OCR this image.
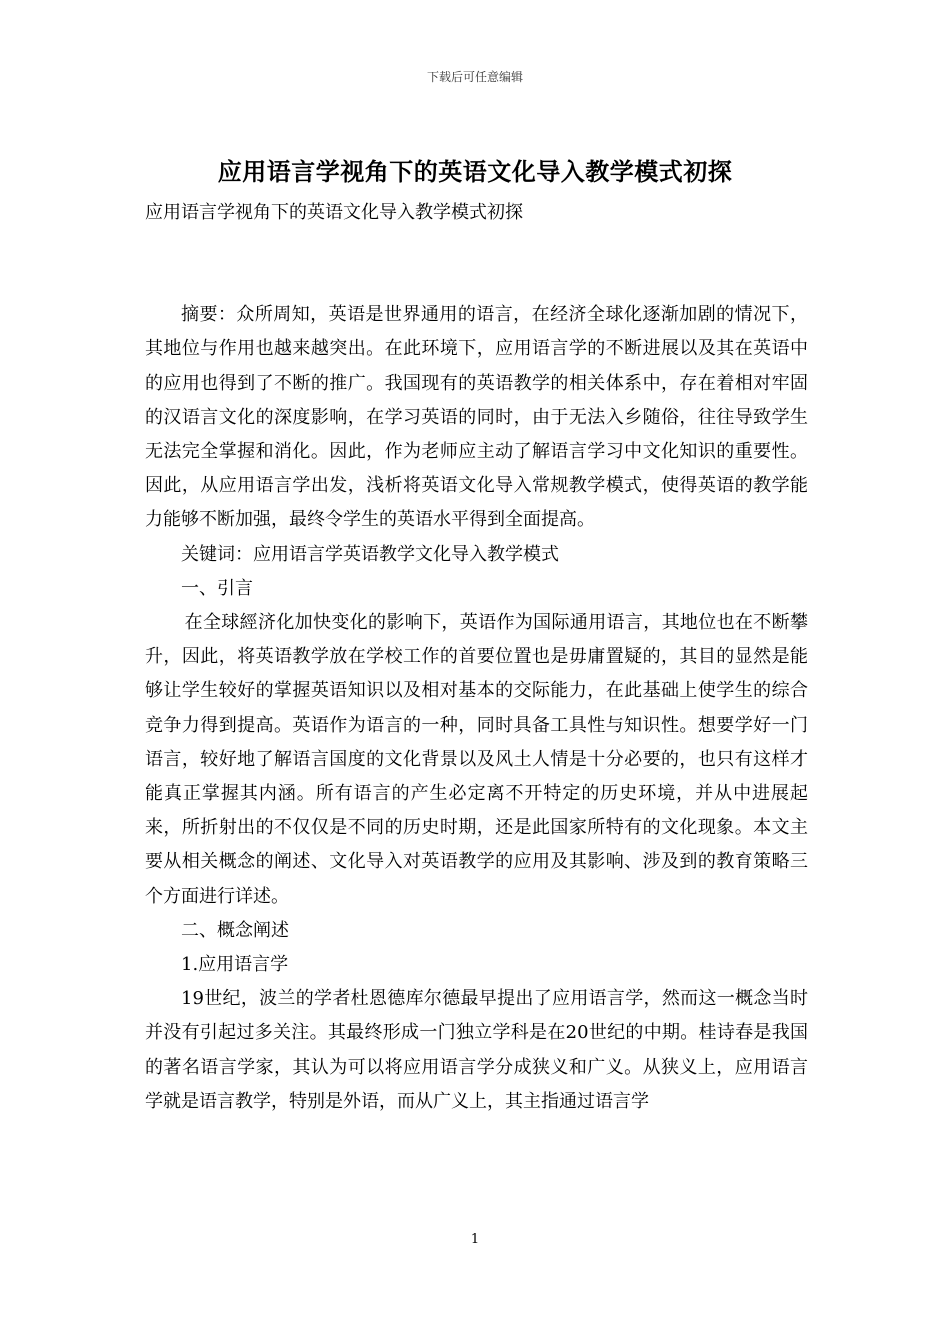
下载后可任意编辑
应用语言学视角下的英语文化导入教学模式初探

应用语言学视角下的英语文化导入教学模式初探

摘要：众所周知，英语是世界通用的语言，在经济全球化逐渐加剧的情况下，其地位与作用也越来越突出。在此环境下，应用语言学的不断进展以及其在英语中的应用也得到了不断的推广。我国现有的英语教学的相关体系中，存在着相对牢固的汉语言文化的深度影响，在学习英语的同时，由于无法入乡随俗，往往导致学生无法完全掌握和消化。因此，作为老师应主动了解语言学习中文化知识的重要性。因此，从应用语言学出发，浅析将英语文化导入常规教学模式，使得英语的教学能力能够不断加强，最终令学生的英语水平得到全面提高。

关键词：应用语言学英语教学文化导入教学模式

一、引言

在全球經济化加快变化的影响下，英语作为国际通用语言，其地位也在不断攀升，因此，将英语教学放在学校工作的首要位置也是毋庸置疑的，其目的显然是能够让学生较好的掌握英语知识以及相对基本的交际能力，在此基础上使学生的综合竞争力得到提高。英语作为语言的一种，同时具备工具性与知识性。想要学好一门语言，较好地了解语言国度的文化背景以及风土人情是十分必要的，也只有这样才能真正掌握其内涵。所有语言的产生必定离不开特定的历史环境，并从中进展起来，所折射出的不仅仅是不同的历史时期，还是此国家所特有的文化现象。本文主要从相关概念的阐述、文化导入对英语教学的应用及其影响、涉及到的教育策略三个方面进行详述。

二、概念阐述

1.应用语言学

19世纪，波兰的学者杜恩德库尔德最早提出了应用语言学，然而这一概念当时并没有引起过多关注。其最终形成一门独立学科是在20世纪的中期。桂诗春是我国的著名语言学家，其认为可以将应用语言学分成狭义和广义。从狭义上，应用语言学就是语言教学，特别是外语，而从广义上，其主指通过语言学

1
